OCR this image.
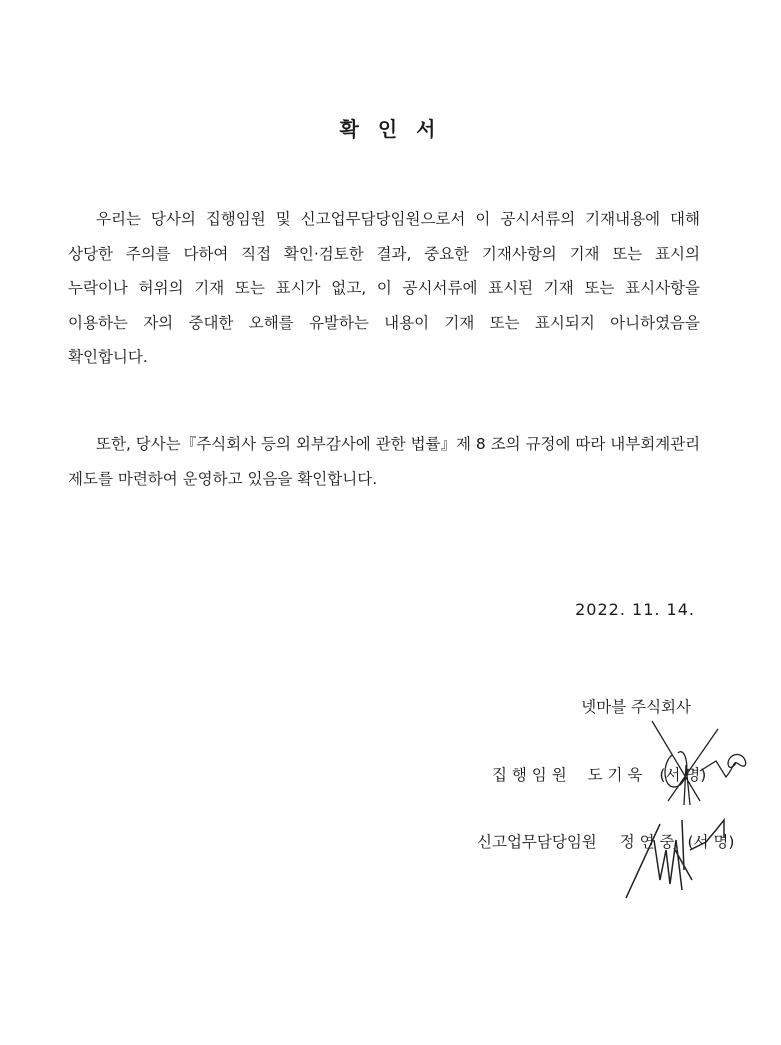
확 인 서
우리는 당사의 집행임원 및 신고업무담당임원으로서 이 공시서류의 기재내용에 대해
상당한 주의를 다하여 직접 확인·검토한 결과, 중요한 기재사항의 기재 또는 표시의
누락이나 허위의 기재 또는 표시가 없고, 이 공시서류에 표시된 기재 또는 표시사항을
이용하는 자의 중대한 오해를 유발하는 내용이 기재 또는 표시되지 아니하였음을
확인합니다.
또한, 당사는『주식회사 등의 외부감사에 관한 법률』제 8 조의 규정에 따라 내부회계관리
제도를 마련하여 운영하고 있음을 확인합니다.
2022. 11. 14.
넷마블 주식회사
집 행 임 원 도 기 욱 (서 명)
신고업무담당임원 정 연 중 (서 명)
